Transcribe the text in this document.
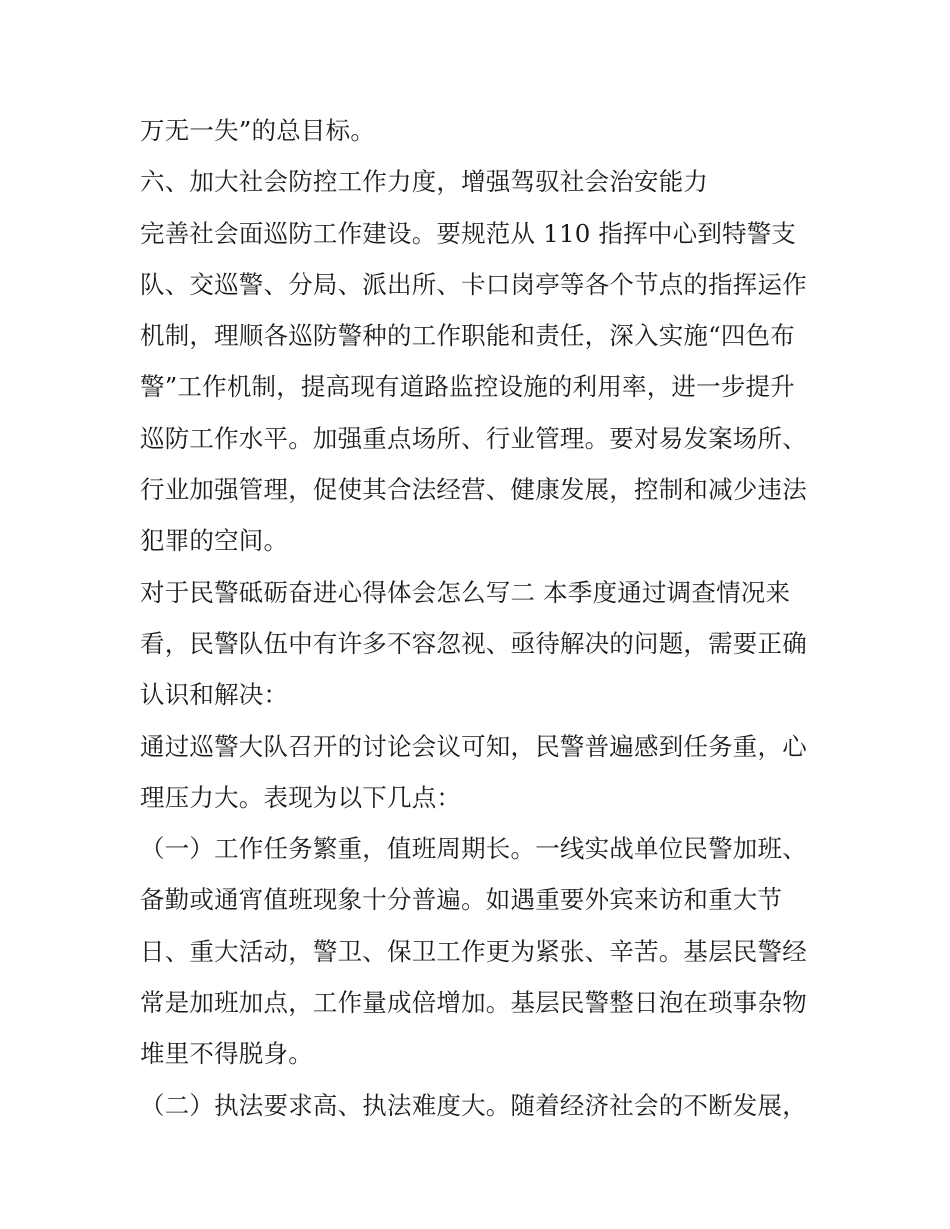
万无一失”的总目标。
六、加大社会防控工作力度，增强驾驭社会治安能力
完善社会面巡防工作建设。要规范从 110 指挥中心到特警支
队、交巡警、分局、派出所、卡口岗亭等各个节点的指挥运作
机制，理顺各巡防警种的工作职能和责任，深入实施“四色布
警”工作机制，提高现有道路监控设施的利用率，进一步提升
巡防工作水平。加强重点场所、行业管理。要对易发案场所、
行业加强管理，促使其合法经营、健康发展，控制和减少违法
犯罪的空间。
对于民警砥砺奋进心得体会怎么写二 本季度通过调查情况来
看，民警队伍中有许多不容忽视、亟待解决的问题，需要正确
认识和解决：
通过巡警大队召开的讨论会议可知，民警普遍感到任务重，心
理压力大。表现为以下几点：
（一）工作任务繁重，值班周期长。一线实战单位民警加班、
备勤或通宵值班现象十分普遍。如遇重要外宾来访和重大节
日、重大活动，警卫、保卫工作更为紧张、辛苦。基层民警经
常是加班加点，工作量成倍增加。基层民警整日泡在琐事杂物
堆里不得脱身。
（二）执法要求高、执法难度大。随着经济社会的不断发展，
